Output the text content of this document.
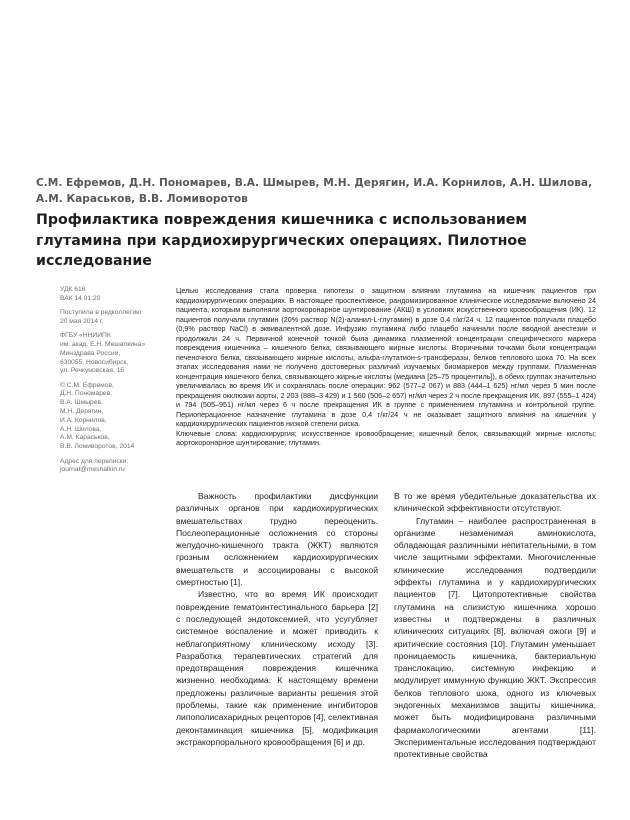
С.М. Ефремов, Д.Н. Пономарев, В.А. Шмырев, М.Н. Дерягин, И.А. Корнилов, А.Н. Шилова, А.М. Караськов, В.В. Ломиворотов
Профилактика повреждения кишечника с использованием глутамина при кардиохирургических операциях. Пилотное исследование

УДК 616
ВАК 14.01.20

Поступила в редколлегию
20 мая 2014 г.

ФГБУ «ННИИПК
им. акад. Е.Н. Мешалкина»
Минздрава России,
630055, Новосибирск,
ул. Речкуновская, 15

© С.М. Ефремов,
Д.Н. Пономарев,
В.А. Шмырев,
М.Н. Дерягин,
И.А. Корнилов,
А.Н. Шилова,
А.М. Караськов,
В.В. Ломиворотов, 2014

Адрес для переписки:
journal@meshalkin.ru

Целью исследования стала проверка гипотезы о защитном влиянии глутамина на кишечник пациентов при кардиохирургических операциях. В настоящее проспективное, рандомизированное клиническое исследование включено 24 пациента, которым выполняли аортокоронарное шунтирование (АКШ) в условиях искусственного кровообращения (ИК). 12 пациентов получали глутамин (20% раствор N(2)-аланил-L-глутамин) в дозе 0,4 г/кг/24 ч. 12 пациентов получали плацебо (0,9% раствор NaCl) в эквивалентной дозе. Инфузию глутамина либо плацебо начинали после вводной анестезии и продолжали 24 ч. Первичной конечной точкой была динамика плазменной концентрации специфического маркера повреждения кишечника – кишечного белка, связывающего жирные кислоты. Вторичными точками были концентрации печеночного белка, связывающего жирные кислоты, альфа-глутатион-s-трансферазы, белков теплового шока 70. На всех этапах исследования нами не получено достоверных различий изучаемых биомаркеров между группами. Плазменная концентрация кишечного белка, связывающего жирные кислоты (медиана [25–75 процентиль]), в обеих группах значительно увеличивалась во время ИК и сохранялась после операции: 962 (577–2 067) и 883 (444–1 625) нг/мл через 5 мин после прекращения окклюзии аорты, 2 203 (888–3 429) и 1 560 (506–2 657) нг/мл через 2 ч после прекращения ИК, 897 (555–1 424) и 794 (505–951) нг/мл через 6 ч после прекращения ИК в группе с применением глутамина и контрольной группе. Периоперационное назначение глутамина в дозе 0,4 г/кг/24 ч не оказывает защитного влияния на кишечник у кардиохирургических пациентов низкой степени риска.
Ключевые слова: кардиохирургия; искусственное кровообращение; кишечный белок, связывающий жирные кислоты; аортокоронарное шунтирование; глутамин.

Важность профилактики дисфункции различных органов при кардиохирургических вмешательствах трудно переоценить. Послеоперационные осложнения со стороны желудочно-кишечного тракта (ЖКТ) являются грозным осложнением кардиохирургических вмешательств и ассоциированы с высокой смертностью [1].

Известно, что во время ИК происходит повреждение гематоинтестинального барьера [2] с последующей эндотоксемией, что усугубляет системное воспаление и может приводить к неблагоприятному клиническому исходу [3]. Разработка терапевтических стратегий для предотвращения повреждения кишечника жизненно необходима. К настоящему времени предложены различные варианты решения этой проблемы, такие как применение ингибиторов липополисахаридных рецепторов [4], селективная деконтаминация кишечника [5], модификация экстракорпорального кровообращения [6] и др.

В то же время убедительные доказательства их клинической эффективности отсутствуют.

Глутамин – наиболее распространенная в организме незаменимая аминокислота, обладающая различными непитательными, в том числе защитными эффектами. Многочисленные клинические исследования подтвердили эффекты глутамина и у кардиохирургических пациентов [7]. Цитопротективные свойства глутамина на слизистую кишечника хорошо известны и подтверждены в различных клинических ситуациях [8], включая ожоги [9] и критические состояния [10]. Глутамин уменьшает проницаемость кишечника, бактериальную транслокацию, системную инфекцию и модулирует иммунную функцию ЖКТ. Экспрессия белков теплового шока, одного из ключевых эндогенных механизмов защиты кишечника, может быть модифицирована различными фармакологическими агентами [11]. Экспериментальные исследования подтверждают протективные свойства
